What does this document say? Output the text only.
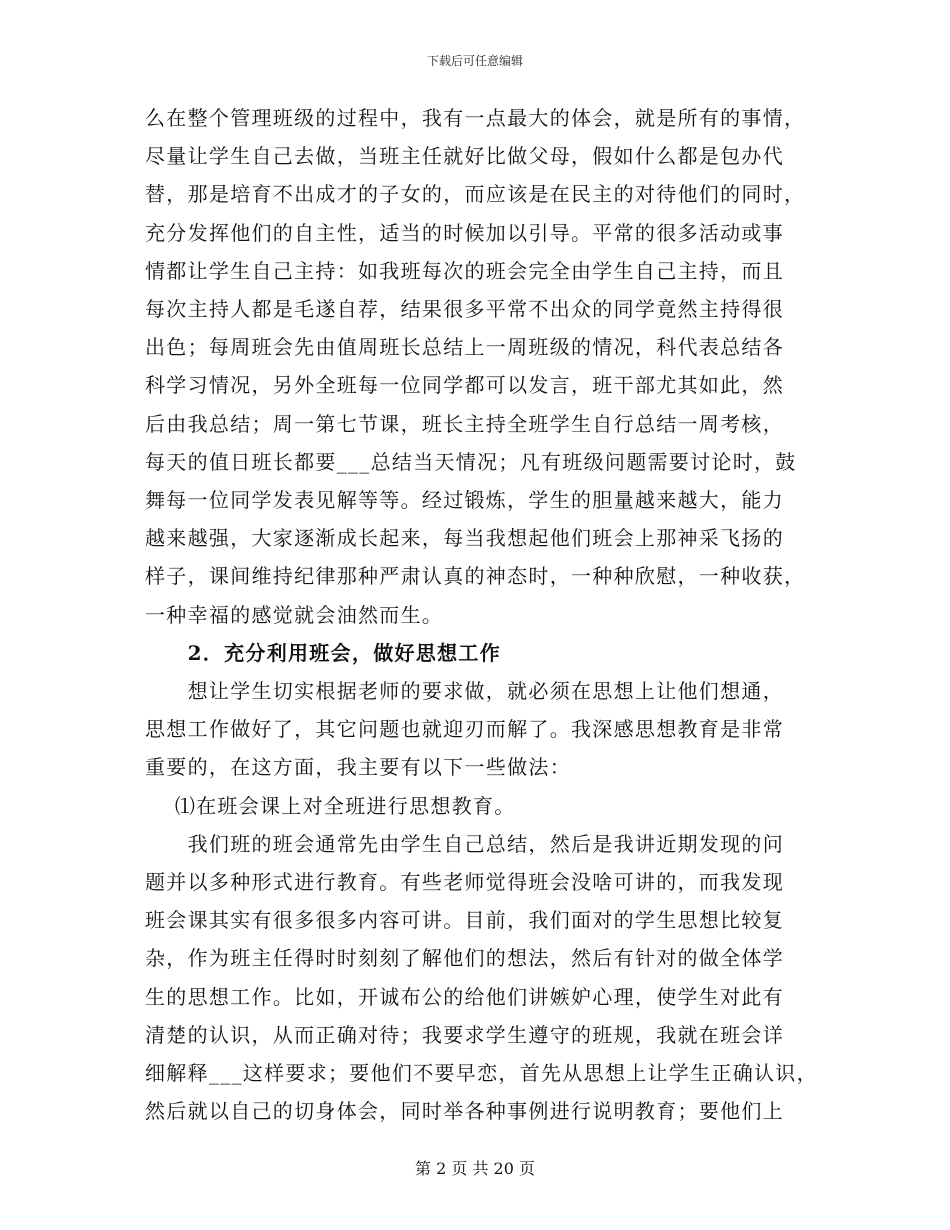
下载后可任意编辑
么在整个管理班级的过程中，我有一点最大的体会，就是所有的事情，
尽量让学生自己去做，当班主任就好比做父母，假如什么都是包办代
替，那是培育不出成才的子女的，而应该是在民主的对待他们的同时，
充分发挥他们的自主性，适当的时候加以引导。平常的很多活动或事
情都让学生自己主持：如我班每次的班会完全由学生自己主持，而且
每次主持人都是毛遂自荐，结果很多平常不出众的同学竟然主持得很
出色；每周班会先由值周班长总结上一周班级的情况，科代表总结各
科学习情况，另外全班每一位同学都可以发言，班干部尤其如此，然
后由我总结；周一第七节课，班长主持全班学生自行总结一周考核，
每天的值日班长都要___总结当天情况；凡有班级问题需要讨论时，鼓
舞每一位同学发表见解等等。经过锻炼，学生的胆量越来越大，能力
越来越强，大家逐渐成长起来，每当我想起他们班会上那神采飞扬的
样子，课间维持纪律那种严肃认真的神态时，一种种欣慰，一种收获，
一种幸福的感觉就会油然而生。
2．充分利用班会，做好思想工作
想让学生切实根据老师的要求做，就必须在思想上让他们想通，
思想工作做好了，其它问题也就迎刃而解了。我深感思想教育是非常
重要的，在这方面，我主要有以下一些做法：
⑴在班会课上对全班进行思想教育。
我们班的班会通常先由学生自己总结，然后是我讲近期发现的问
题并以多种形式进行教育。有些老师觉得班会没啥可讲的，而我发现
班会课其实有很多很多内容可讲。目前，我们面对的学生思想比较复
杂，作为班主任得时时刻刻了解他们的想法，然后有针对的做全体学
生的思想工作。比如，开诚布公的给他们讲嫉妒心理，使学生对此有
清楚的认识，从而正确对待；我要求学生遵守的班规，我就在班会详
细解释___这样要求；要他们不要早恋，首先从思想上让学生正确认识，
然后就以自己的切身体会，同时举各种事例进行说明教育；要他们上
第 2 页 共 20 页
